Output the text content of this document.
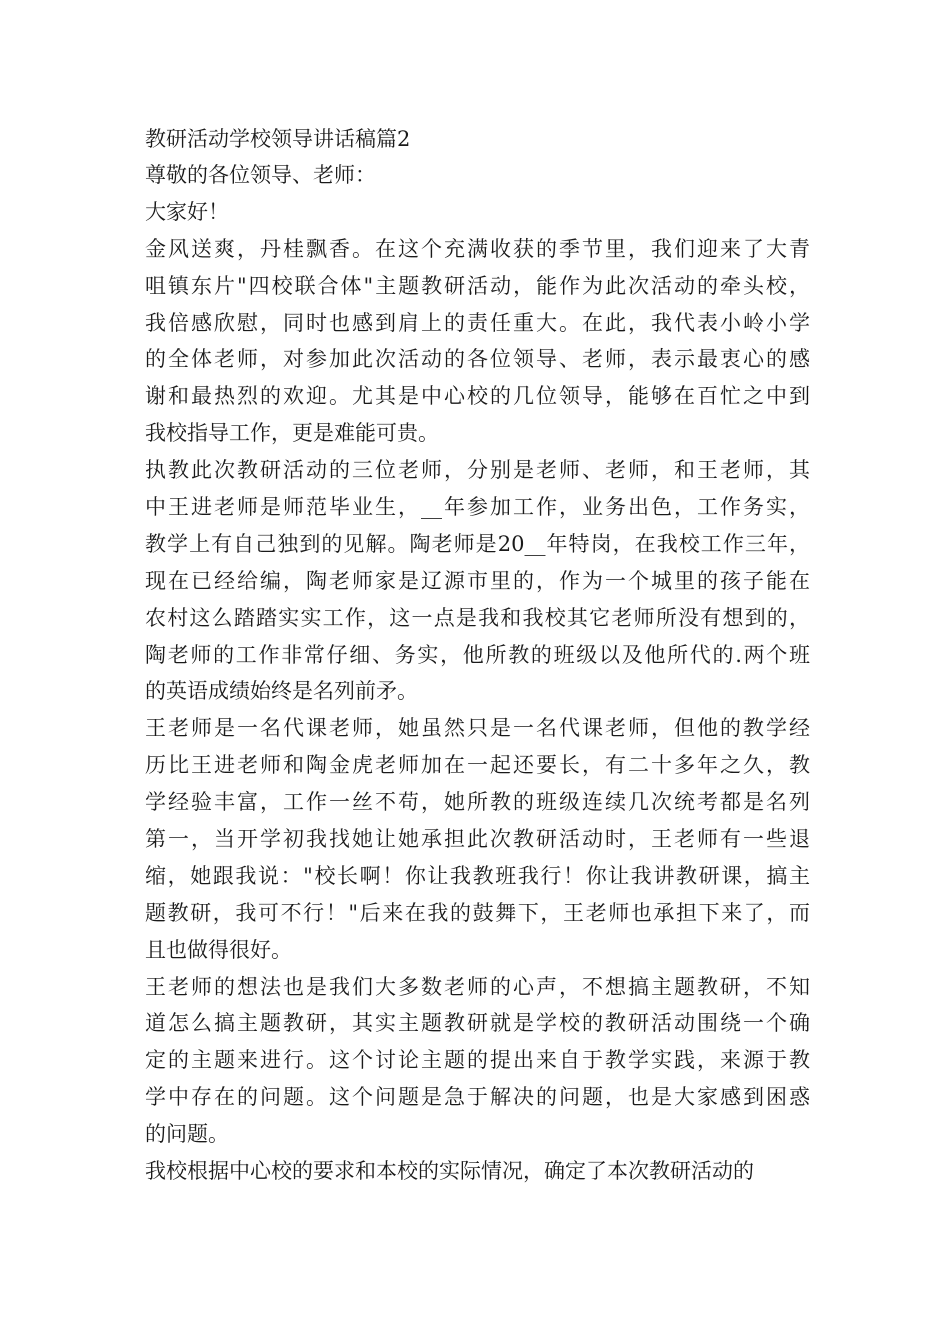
教研活动学校领导讲话稿篇2
尊敬的各位领导、老师：
大家好！
金风送爽，丹桂飘香。在这个充满收获的季节里，我们迎来了大青
咀镇东片"四校联合体"主题教研活动，能作为此次活动的牵头校，
我倍感欣慰，同时也感到肩上的责任重大。在此，我代表小岭小学
的全体老师，对参加此次活动的各位领导、老师，表示最衷心的感
谢和最热烈的欢迎。尤其是中心校的几位领导，能够在百忙之中到
我校指导工作，更是难能可贵。
执教此次教研活动的三位老师，分别是老师、老师，和王老师，其
中王进老师是师范毕业生，__年参加工作，业务出色，工作务实，
教学上有自己独到的见解。陶老师是20__年特岗，在我校工作三年，
现在已经给编，陶老师家是辽源市里的，作为一个城里的孩子能在
农村这么踏踏实实工作，这一点是我和我校其它老师所没有想到的，
陶老师的工作非常仔细、务实，他所教的班级以及他所代的.两个班
的英语成绩始终是名列前矛。
王老师是一名代课老师，她虽然只是一名代课老师，但他的教学经
历比王进老师和陶金虎老师加在一起还要长，有二十多年之久，教
学经验丰富，工作一丝不苟，她所教的班级连续几次统考都是名列
第一，当开学初我找她让她承担此次教研活动时，王老师有一些退
缩，她跟我说："校长啊！你让我教班我行！你让我讲教研课，搞主
题教研，我可不行！"后来在我的鼓舞下，王老师也承担下来了，而
且也做得很好。
王老师的想法也是我们大多数老师的心声，不想搞主题教研，不知
道怎么搞主题教研，其实主题教研就是学校的教研活动围绕一个确
定的主题来进行。这个讨论主题的提出来自于教学实践，来源于教
学中存在的问题。这个问题是急于解决的问题，也是大家感到困惑
的问题。
我校根据中心校的要求和本校的实际情况，确定了本次教研活动的
